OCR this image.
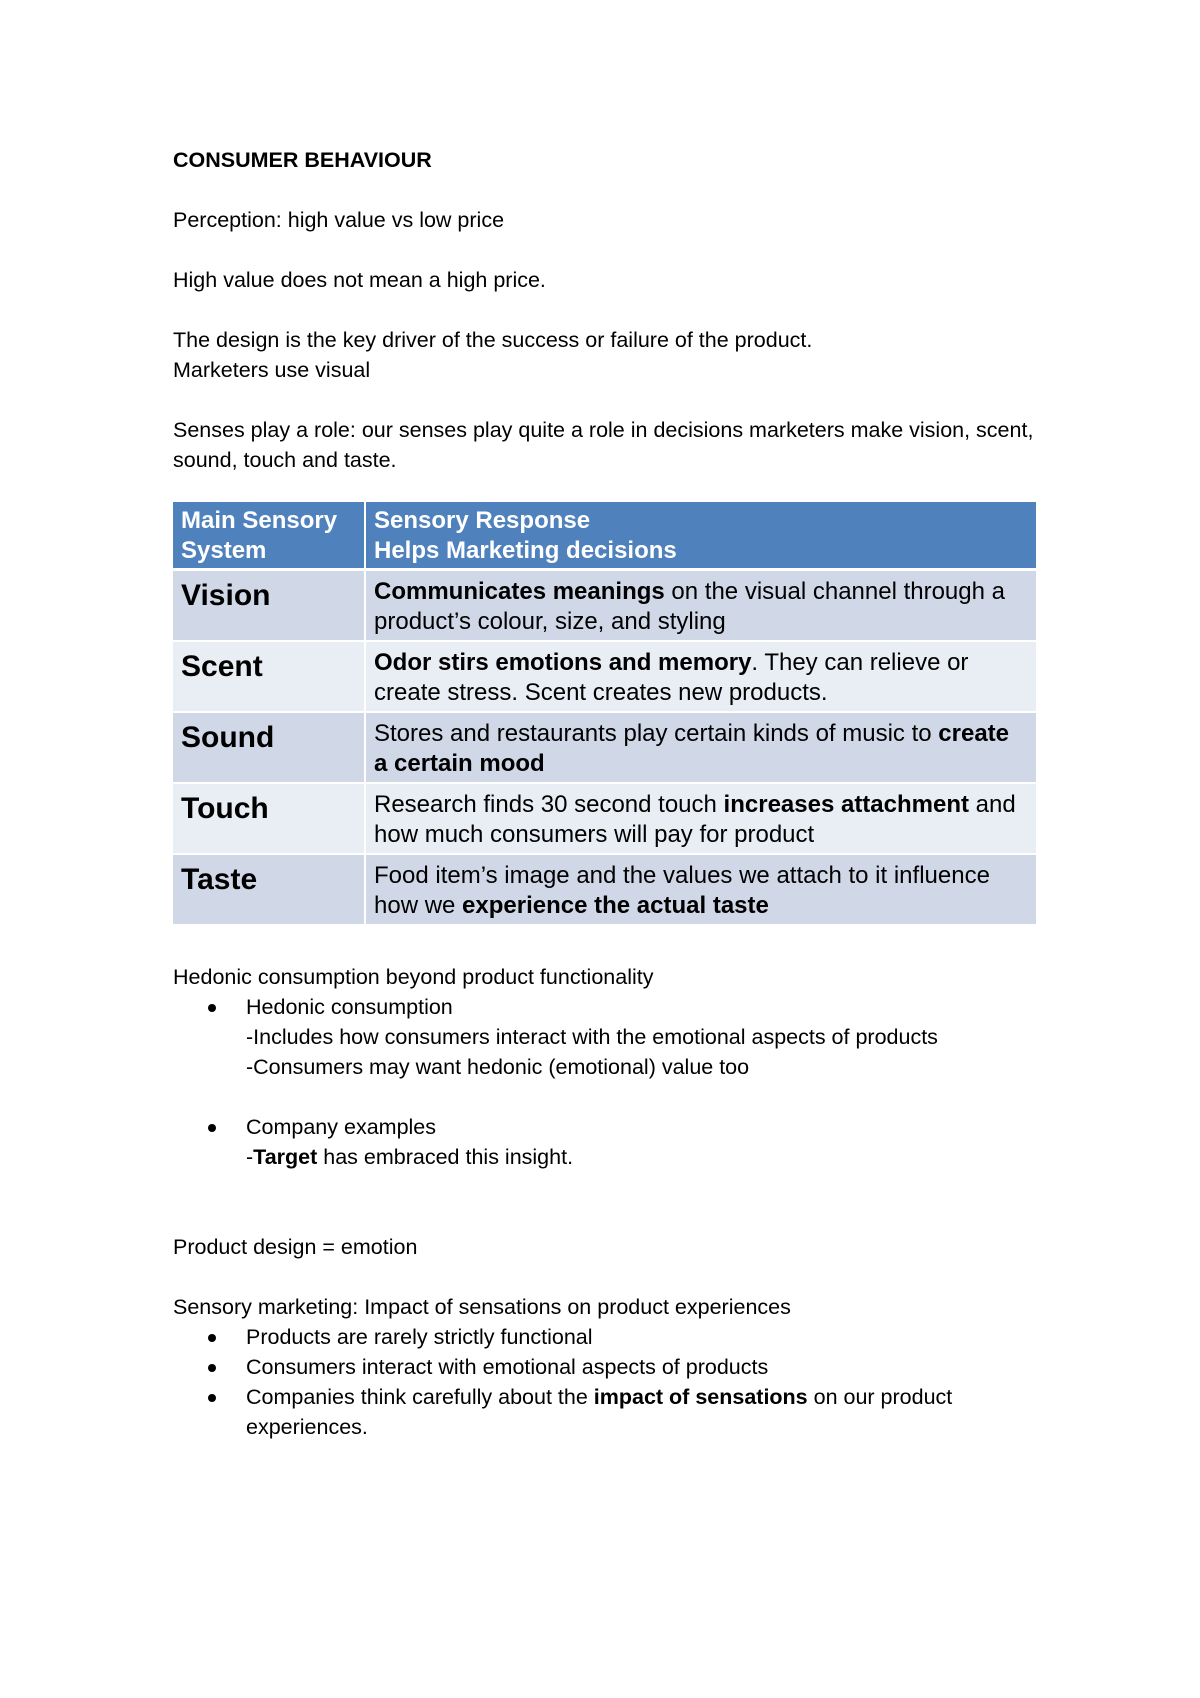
CONSUMER BEHAVIOUR

Perception: high value vs low price

High value does not mean a high price.

The design is the key driver of the success or failure of the product.

Marketers use visual

Senses play a role: our senses play quite a role in decisions marketers make vision, scent, sound, touch and taste.

Main Sensory
System	Sensory Response
Helps Marketing decisions
Vision	Communicates meanings on the visual channel through a product’s colour, size, and styling
Scent	Odor stirs emotions and memory. They can relieve or create stress. Scent creates new products.
Sound	Stores and restaurants play certain kinds of music to create a certain mood
Touch	Research finds 30 second touch increases attachment and how much consumers will pay for product
Taste	Food item’s image and the values we attach to it influence how we experience the actual taste

Hedonic consumption beyond product functionality

Hedonic consumption
-Includes how consumers interact with the emotional aspects of products
-Consumers may want hedonic (emotional) value too
Company examples
-Target has embraced this insight.

Product design = emotion

Sensory marketing: Impact of sensations on product experiences

Products are rarely strictly functional
Consumers interact with emotional aspects of products
Companies think carefully about the impact of sensations on our product experiences.
